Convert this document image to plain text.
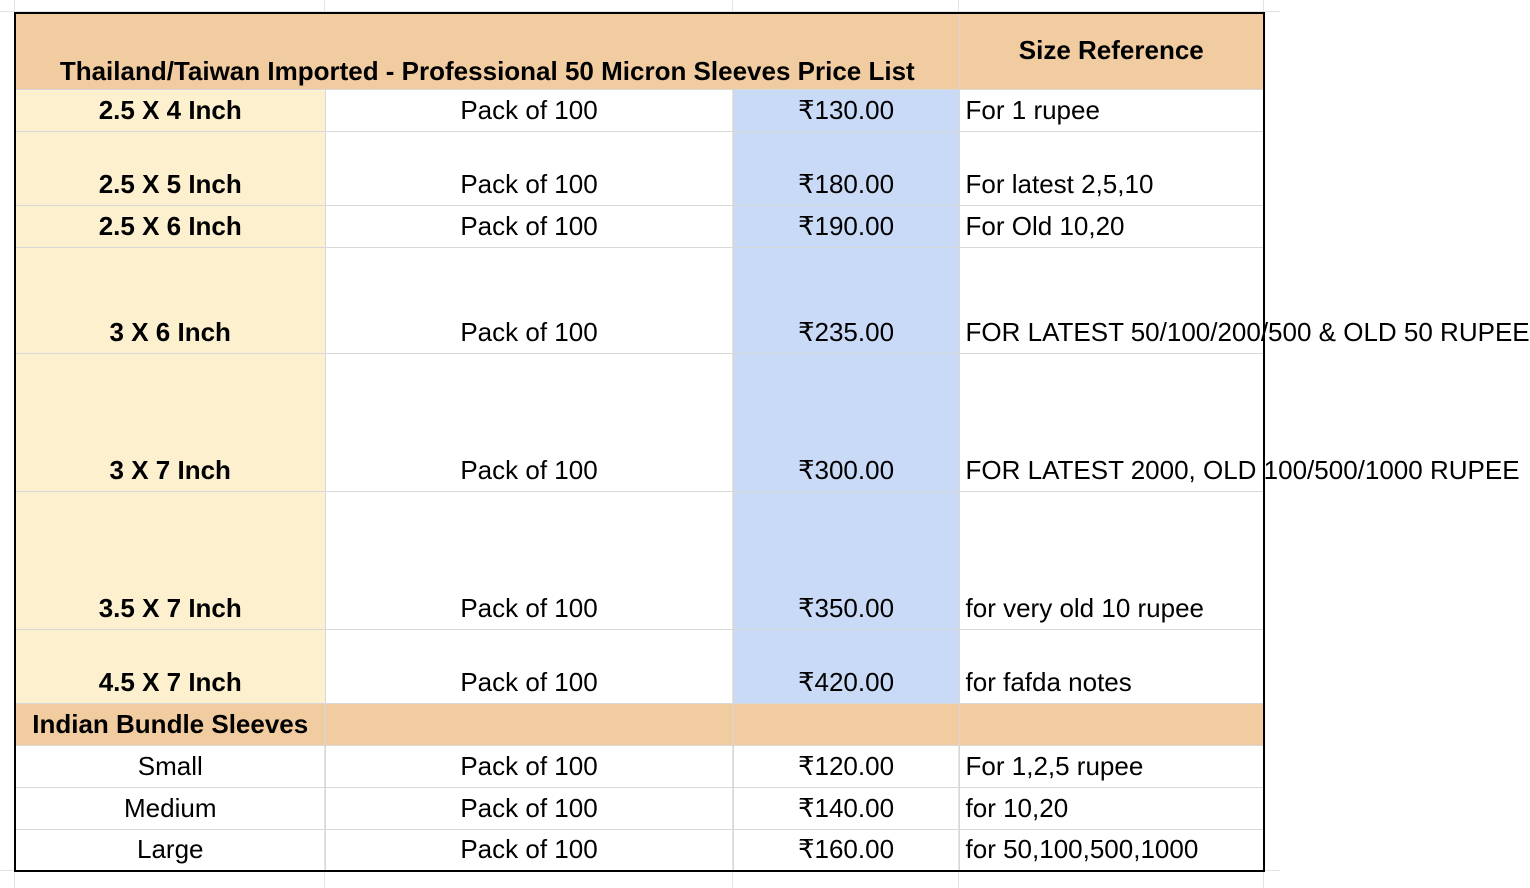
Thailand/Taiwan Imported - Professional 50 Micron Sleeves Price List			Size Reference
2.5 X 4 Inch	Pack of 100	₹130.00	For 1 rupee
2.5 X 5 Inch	Pack of 100	₹180.00	For latest 2,5,10
2.5 X 6 Inch	Pack of 100	₹190.00	For Old 10,20
3 X 6 Inch	Pack of 100	₹235.00	FOR LATEST 50/100/200/500 & OLD 50 RUPEE
3 X 7 Inch	Pack of 100	₹300.00	FOR LATEST 2000, OLD 100/500/1000 RUPEE
3.5 X 7 Inch	Pack of 100	₹350.00	for very old 10 rupee
4.5 X 7 Inch	Pack of 100	₹420.00	for fafda notes
Indian Bundle Sleeves			
Small	Pack of 100	₹120.00	For 1,2,5 rupee
Medium	Pack of 100	₹140.00	for 10,20
Large	Pack of 100	₹160.00	for 50,100,500,1000
